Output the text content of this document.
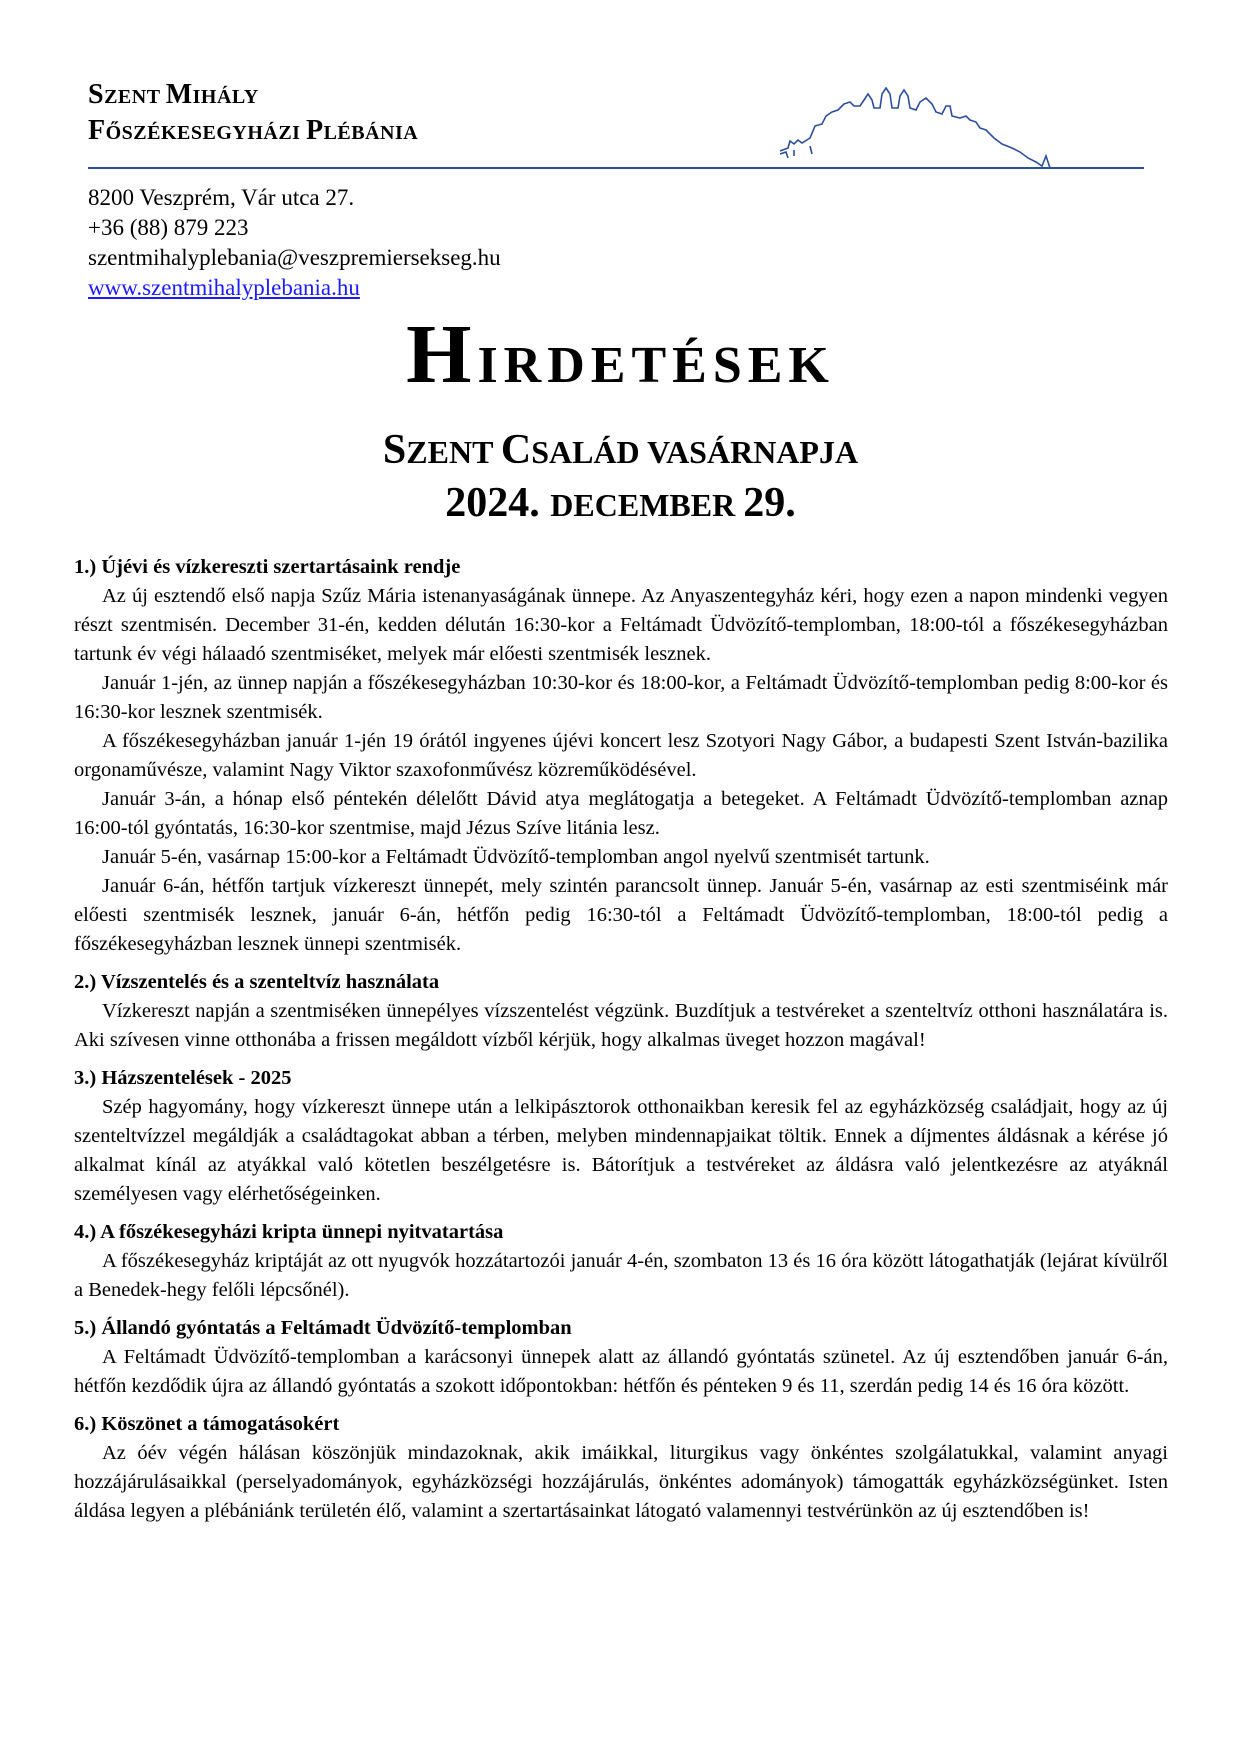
SZENT MIHÁLY
FŐSZÉKESEGYHÁZI PLÉBÁNIA
8200 Veszprém, Vár utca 27.
+36 (88) 879 223
szentmihalyplebania@veszpremiersekseg.hu
www.szentmihalyplebania.hu
HIRDETÉSEK
SZENT CSALÁD VASÁRNAPJA
2024. DECEMBER 29.
1.) Újévi és vízkereszti szertartásaink rendje

Az új esztendő első napja Szűz Mária istenanyaságának ünnepe. Az Anyaszentegyház kéri, hogy ezen a napon mindenki vegyen részt szentmisén. December 31-én, kedden délután 16:30-kor a Feltámadt Üdvözítő-templomban, 18:00-tól a főszékesegyházban tartunk év végi hálaadó szentmiséket, melyek már előesti szentmisék lesznek.

Január 1-jén, az ünnep napján a főszékesegyházban 10:30-kor és 18:00-kor, a Feltámadt Üdvözítő-templomban pedig 8:00-kor és 16:30-kor lesznek szentmisék.

A főszékesegyházban január 1-jén 19 órától ingyenes újévi koncert lesz Szotyori Nagy Gábor, a budapesti Szent István-bazilika orgonaművésze, valamint Nagy Viktor szaxofonművész közreműködésével.

Január 3-án, a hónap első péntekén délelőtt Dávid atya meglátogatja a betegeket. A Feltámadt Üdvözítő-templomban aznap 16:00-tól gyóntatás, 16:30-kor szentmise, majd Jézus Szíve litánia lesz.

Január 5-én, vasárnap 15:00-kor a Feltámadt Üdvözítő-templomban angol nyelvű szentmisét tartunk.

Január 6-án, hétfőn tartjuk vízkereszt ünnepét, mely szintén parancsolt ünnep. Január 5-én, vasárnap az esti szentmiséink már előesti szentmisék lesznek, január 6-án, hétfőn pedig 16:30-tól a Feltámadt Üdvözítő-templomban, 18:00-tól pedig a főszékesegyházban lesznek ünnepi szentmisék.

2.) Vízszentelés és a szenteltvíz használata

Vízkereszt napján a szentmiséken ünnepélyes vízszentelést végzünk. Buzdítjuk a testvéreket a szenteltvíz otthoni használatára is. Aki szívesen vinne otthonába a frissen megáldott vízből kérjük, hogy alkalmas üveget hozzon magával!

3.) Házszentelések - 2025

Szép hagyomány, hogy vízkereszt ünnepe után a lelkipásztorok otthonaikban keresik fel az egyházközség családjait, hogy az új szenteltvízzel megáldják a családtagokat abban a térben, melyben mindennapjaikat töltik. Ennek a díjmentes áldásnak a kérése jó alkalmat kínál az atyákkal való kötetlen beszélgetésre is. Bátorítjuk a testvéreket az áldásra való jelentkezésre az atyáknál személyesen vagy elérhetőségeinken.

4.) A főszékesegyházi kripta ünnepi nyitvatartása

A főszékesegyház kriptáját az ott nyugvók hozzátartozói január 4-én, szombaton 13 és 16 óra között látogathatják (lejárat kívülről a Benedek-hegy felőli lépcsőnél).

5.) Állandó gyóntatás a Feltámadt Üdvözítő-templomban

A Feltámadt Üdvözítő-templomban a karácsonyi ünnepek alatt az állandó gyóntatás szünetel. Az új esztendőben január 6-án, hétfőn kezdődik újra az állandó gyóntatás a szokott időpontokban: hétfőn és pénteken 9 és 11, szerdán pedig 14 és 16 óra között.

6.) Köszönet a támogatásokért

Az óév végén hálásan köszönjük mindazoknak, akik imáikkal, liturgikus vagy önkéntes szolgálatukkal, valamint anyagi hozzájárulásaikkal (perselyadományok, egyházközségi hozzájárulás, önkéntes adományok) támogatták egyházközségünket. Isten áldása legyen a plébániánk területén élő, valamint a szertartásainkat látogató valamennyi testvérünkön az új esztendőben is!
